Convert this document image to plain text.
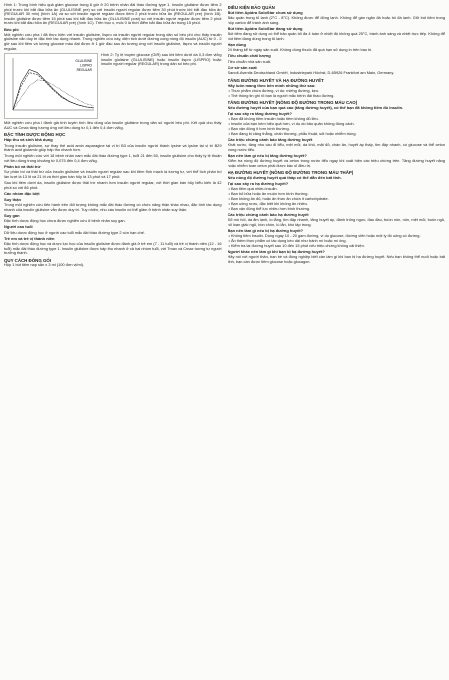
Hình 1: Trung bình hiệu quả giảm glucose trong 6 giờ ở 20 bệnh nhân đái tháo đường type 1. Insulin glulisine được tiêm 2 phút trước khi bắt đầu bữa ăn (GLULISINE pre) so với insulin người regular được tiêm 30 phút trước khi bắt đầu bữa ăn (REGULAR 30 min) (hình 1A) và so với insulin người regular được tiêm 2 phút trước bữa ăn (REGULAR pre) (hình 1B). Insulin glulisine được tiêm 15 phút sau khi bắt đầu bữa ăn (GLULISINE post) so với insulin người regular được tiêm 2 phút trước khi bắt đầu bữa ăn (REGULAR pre) (hình 1C). Trên trục x, mốc 0 là thời điểm bắt đầu bữa ăn trong 15 phút.
Béo phì
Một nghiên cứu pha I đã thực hiện với insulin glulisine, lispro và insulin người regular trong dân số béo phì cho thấy insulin glulisine vẫn duy trì đặc tính tác dụng nhanh. Trong nghiên cứu này, diện tích dưới đường cong nồng độ insulin (AUC) từ 0 - 2 giờ sau khi tiêm và lượng glucose máu đạt được ở 1 giờ đầu sau ăn tương ứng với insulin glulisine, lispro và insulin người regular.
GLULISINE
LISPRO
REGULAR
Hình 2: Tỷ lệ truyền glucose (GIR) sau khi tiêm dưới da 0,3 đơn vị/kg insulin glulisine (GLULISINE) hoặc insulin lispro (LISPRO) hoặc insulin người regular (REGULAR) trong dân số béo phì.
Một nghiên cứu pha I đánh giá tính tuyến tính liều dùng của insulin glulisine trong dân số người béo phì. Kết quả cho thấy AUC và Cmax tăng tương ứng với liều dùng từ 0,1 đến 0,4 đơn vị/kg.
ĐẶC TÍNH DƯỢC ĐỘNG HỌC
Hấp thu và sinh khả dụng
Trong insulin glulisine, sự thay thế acid amin asparagine tại vị trí B3 của insulin người thành lysine và lysine tại vị trí B29 thành acid glutamic giúp hấp thu nhanh hơn.
Trong một nghiên cứu với 18 bệnh nhân nam mắc đái tháo đường type 1, tuổi 21 đến 50, insulin glulisine cho thấy tỷ lệ thuận với liều dùng trong khoảng từ 0,075 đến 0,4 đơn vị/kg.
Phân bố và thải trừ
Sự phân bố và thải trừ của insulin glulisine và insulin người regular sau khi tiêm tĩnh mạch là tương tự, với thể tích phân bố lần lượt là 13 lít và 21 lít và thời gian bán hủy là 13 phút và 17 phút.
Sau khi tiêm dưới da, insulin glulisine được thải trừ nhanh hơn insulin người regular, với thời gian bán hủy biểu kiến là 42 phút so với 86 phút.
Các nhóm đặc biệt
Suy thận
Trong một nghiên cứu tiến hành trên đối tượng không mắc đái tháo đường có chức năng thận khác nhau, đặc tính tác dụng nhanh của insulin glulisine vẫn được duy trì. Tuy nhiên, nhu cầu insulin có thể giảm ở bệnh nhân suy thận.
Suy gan
Đặc tính dược động học chưa được nghiên cứu ở bệnh nhân suy gan.
Người cao tuổi
Dữ liệu dược động học ở người cao tuổi mắc đái tháo đường type 2 còn hạn chế.
Trẻ em và trẻ vị thành niên
Đặc tính dược động học và dược lực học của insulin glulisine được đánh giá ở trẻ em (7 - 11 tuổi) và trẻ vị thành niên (12 - 16 tuổi) mắc đái tháo đường type 1. Insulin glulisine được hấp thu nhanh ở cả hai nhóm tuổi, với Tmax và Cmax tương tự người trưởng thành.
QUY CÁCH ĐÓNG GÓI
Hộp 1 bút tiêm nạp sẵn x 3 ml (100 đơn vị/ml).
ĐIỀU KIỆN BẢO QUẢN
Bút tiêm Apidra SoloStar chưa sử dụng
Bảo quản trong tủ lạnh (2°C - 8°C). Không được để đông lạnh. Không để gần ngăn đá hoặc túi đá lạnh. Giữ bút tiêm trong hộp carton để tránh ánh sáng.
Bút tiêm Apidra SoloStar đang sử dụng
Bút tiêm đang sử dụng có thể bảo quản tối đa 4 tuần ở nhiệt độ không quá 25°C, tránh ánh sáng và nhiệt trực tiếp. Không để bút tiêm đang dùng trong tủ lạnh.
Hạn dùng
24 tháng kể từ ngày sản xuất. Không dùng thuốc đã quá hạn sử dụng in trên bao bì.
Tiêu chuẩn chất lượng
Tiêu chuẩn nhà sản xuất.
Cơ sở sản xuất
Sanofi-Aventis Deutschland GmbH, Industriepark Höchst, D-65926 Frankfurt am Main, Germany.
TĂNG ĐƯỜNG HUYẾT VÀ HẠ ĐƯỜNG HUYẾT
Hãy luôn mang theo bên mình những thứ sau:
• Thực phẩm chứa đường, ví dụ: miếng đường, kẹo.
• Thẻ thông tin ghi rõ bạn là người mắc bệnh đái tháo đường.
TĂNG ĐƯỜNG HUYẾT (NỒNG ĐỘ ĐƯỜNG TRONG MÁU CAO)
Nếu đường huyết của bạn quá cao (tăng đường huyết), có thể bạn đã không tiêm đủ insulin.
Tại sao xảy ra tăng đường huyết?
• Bạn đã không tiêm insulin hoặc tiêm không đủ liều.
• Insulin của bạn kém hiệu quả hơn, ví dụ do bảo quản không đúng cách.
• Bạn vận động ít hơn bình thường.
• Bạn đang bị căng thẳng, chấn thương, phẫu thuật, sốt hoặc nhiễm trùng.
Các triệu chứng cảnh báo tăng đường huyết
Khát nước, tăng nhu cầu đi tiểu, mệt mỏi, da khô, mặt đỏ, chán ăn, huyết áp thấp, tim đập nhanh, có glucose và thể ceton trong nước tiểu.
Bạn nên làm gì nếu bị tăng đường huyết?
Kiểm tra nồng độ đường huyết và ceton trong nước tiểu ngay khi xuất hiện các triệu chứng trên. Tăng đường huyết nặng hoặc nhiễm toan ceton phải được bác sĩ điều trị.
HẠ ĐƯỜNG HUYẾT (NỒNG ĐỘ ĐƯỜNG TRONG MÁU THẤP)
Nếu nồng độ đường huyết quá thấp có thể dẫn đến bất tỉnh.
Tại sao xảy ra hạ đường huyết?
• Bạn tiêm quá nhiều insulin.
• Bạn bỏ bữa hoặc ăn muộn hơn bình thường.
• Bạn không ăn đủ, hoặc ăn thức ăn chứa ít carbohydrate.
• Bạn uống rượu, đặc biệt khi không ăn nhiều.
• Bạn vận động thể lực nhiều hơn bình thường.
Các triệu chứng cảnh báo hạ đường huyết
Đổ mồ hôi, da ẩm lạnh, lo lắng, tim đập nhanh, tăng huyết áp, đánh trống ngực, đau đầu, buồn nôn, nôn, mệt mỏi, buồn ngủ, rối loạn giấc ngủ, bồn chồn, lú lẫn, khó tập trung.
Bạn nên làm gì nếu bị hạ đường huyết?
• Không tiêm insulin. Dùng ngay 10 - 20 gam đường, ví dụ glucose, đường viên hoặc một ly đồ uống có đường.
• Ăn thêm thực phẩm có tác dụng kéo dài như bánh mì hoặc mì ống.
• Kiểm tra lại đường huyết sau 10 đến 15 phút nếu triệu chứng không cải thiện.
Người khác nên làm gì khi bạn bị hạ đường huyết?
Hãy nói với người thân, bạn bè và đồng nghiệp biết cần làm gì khi bạn bị hạ đường huyết. Nếu bạn không thể nuốt hoặc bất tỉnh, bạn cần được tiêm glucose hoặc glucagon.
